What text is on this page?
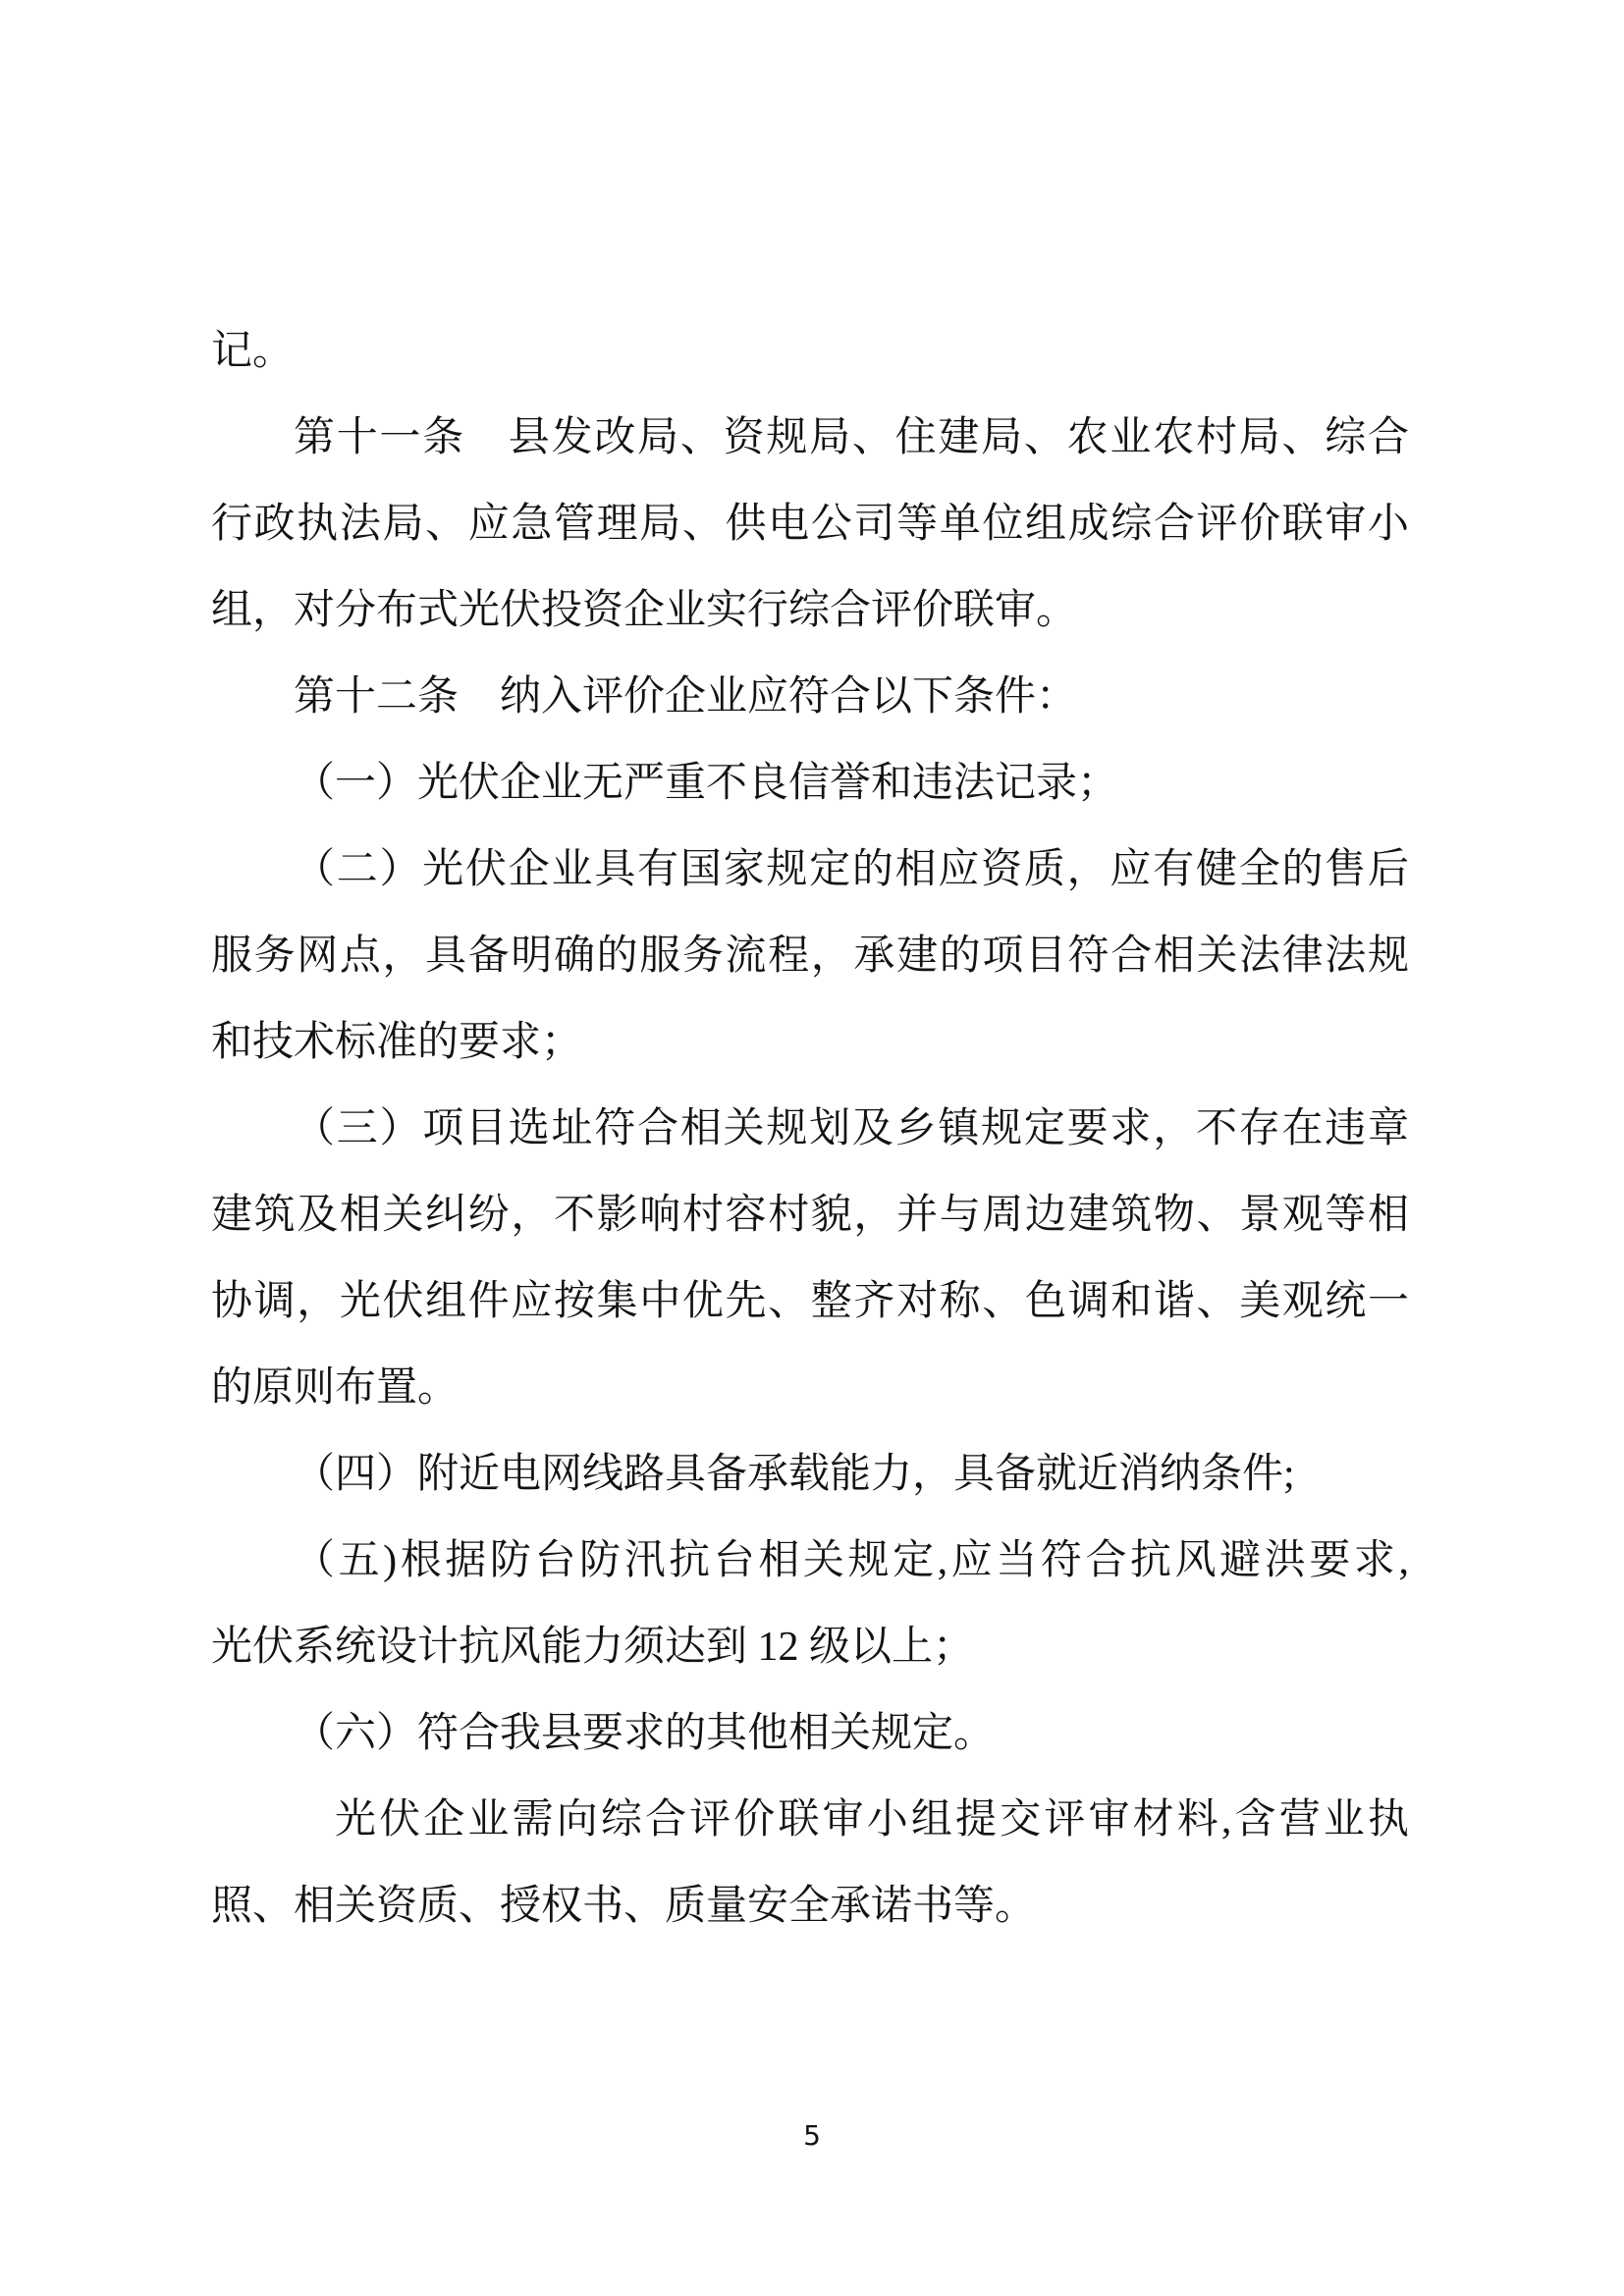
记。
第十一条　县发改局、资规局、住建局、农业农村局、综合
行政执法局、应急管理局、供电公司等单位组成综合评价联审小
组，对分布式光伏投资企业实行综合评价联审。
第十二条　纳入评价企业应符合以下条件：
（一）光伏企业无严重不良信誉和违法记录；
（二）光伏企业具有国家规定的相应资质，应有健全的售后
服务网点，具备明确的服务流程，承建的项目符合相关法律法规
和技术标准的要求；
（三）项目选址符合相关规划及乡镇规定要求，不存在违章
建筑及相关纠纷，不影响村容村貌，并与周边建筑物、景观等相
协调，光伏组件应按集中优先、整齐对称、色调和谐、美观统一
的原则布置。
（四）附近电网线路具备承载能力，具备就近消纳条件;
（五)根据防台防汛抗台相关规定,应当符合抗风避洪要求,
光伏系统设计抗风能力须达到 12 级以上；
（六）符合我县要求的其他相关规定。
光伏企业需向综合评价联审小组提交评审材料,含营业执
照、相关资质、授权书、质量安全承诺书等。
5
